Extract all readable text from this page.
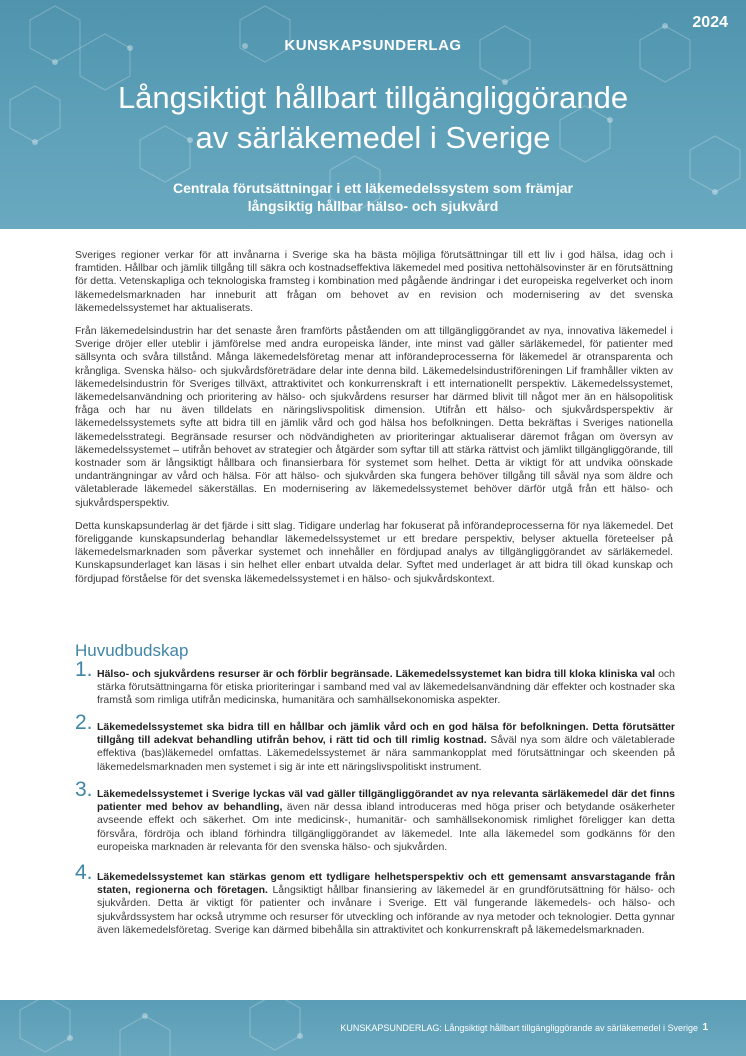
2024
KUNSKAPSUNDERLAG
Långsiktigt hållbart tillgängliggörande
av särläkemedel i Sverige
Centrala förutsättningar i ett läkemedelssystem som främjar
långsiktig hållbar hälso- och sjukvård

Sveriges regioner verkar för att invånarna i Sverige ska ha bästa möjliga förutsättningar till ett liv i god hälsa, idag och i framtiden. Hållbar och jämlik tillgång till säkra och kostnadseffektiva läkemedel med positiva nettohälsovinster är en förutsättning för detta. Vetenskapliga och teknologiska framsteg i kombination med pågående ändringar i det europeiska regelverket och inom läkemedelsmarknaden har inneburit att frågan om behovet av en revision och modernisering av det svenska läkemedelssystemet har aktualiserats.

Från läkemedelsindustrin har det senaste åren framförts påståenden om att tillgängliggörandet av nya, innovativa läkemedel i Sverige dröjer eller uteblir i jämförelse med andra europeiska länder, inte minst vad gäller särläkemedel, för patienter med sällsynta och svåra tillstånd. Många läkemedelsföretag menar att införandeprocesserna för läkemedel är otransparenta och krångliga. Svenska hälso- och sjukvårdsföreträdare delar inte denna bild. Läkemedelsindustriföreningen Lif framhåller vikten av läkemedelsindustrin för Sveriges tillväxt, attraktivitet och konkurrenskraft i ett internationellt perspektiv. Läkemedelssystemet, läkemedelsanvändning och prioritering av hälso- och sjukvårdens resurser har därmed blivit till något mer än en hälsopolitisk fråga och har nu även tilldelats en näringslivspolitisk dimension. Utifrån ett hälso- och sjukvårdsperspektiv är läkemedelssystemets syfte att bidra till en jämlik vård och god hälsa hos befolkningen. Detta bekräftas i Sveriges nationella läkemedelsstrategi. Begränsade resurser och nödvändigheten av prioriteringar aktualiserar däremot frågan om översyn av läkemedelssystemet – utifrån behovet av strategier och åtgärder som syftar till att stärka rättvist och jämlikt tillgängliggörande, till kostnader som är långsiktigt hållbara och finansierbara för systemet som helhet. Detta är viktigt för att undvika oönskade undanträngningar av vård och hälsa. För att hälso- och sjukvården ska fungera behöver tillgång till såväl nya som äldre och väletablerade läkemedel säkerställas. En modernisering av läkemedelssystemet behöver därför utgå från ett hälso- och sjukvårdsperspektiv.

Detta kunskapsunderlag är det fjärde i sitt slag. Tidigare underlag har fokuserat på införandeprocesserna för nya läkemedel. Det föreliggande kunskapsunderlag behandlar läkemedelssystemet ur ett bredare perspektiv, belyser aktuella företeelser på läkemedelsmarknaden som påverkar systemet och innehåller en fördjupad analys av tillgängliggörandet av särläkemedel. Kunskapsunderlaget kan läsas i sin helhet eller enbart utvalda delar. Syftet med underlaget är att bidra till ökad kunskap och fördjupad förståelse för det svenska läkemedelssystemet i en hälso- och sjukvårdskontext.

Huvudbudskap
1. Hälso- och sjukvårdens resurser är och förblir begränsade. Läkemedelssystemet kan bidra till kloka kliniska val och stärka förutsättningarna för etiska prioriteringar i samband med val av läkemedelsanvändning där effekter och kostnader ska framstå som rimliga utifrån medicinska, humanitära och samhällsekonomiska aspekter.
2. Läkemedelssystemet ska bidra till en hållbar och jämlik vård och en god hälsa för befolkningen. Detta förutsätter tillgång till adekvat behandling utifrån behov, i rätt tid och till rimlig kostnad. Såväl nya som äldre och väletablerade effektiva (bas)läkemedel omfattas. Läkemedelssystemet är nära sammankopplat med förutsättningar och skeenden på läkemedelsmarknaden men systemet i sig är inte ett näringslivspolitiskt instrument.
3. Läkemedelssystemet i Sverige lyckas väl vad gäller tillgängliggörandet av nya relevanta särläkemedel där det finns patienter med behov av behandling, även när dessa ibland introduceras med höga priser och betydande osäkerheter avseende effekt och säkerhet. Om inte medicinsk-, humanitär- och samhällsekonomisk rimlighet föreligger kan detta försvåra, fördröja och ibland förhindra tillgängliggörandet av läkemedel. Inte alla läkemedel som godkänns för den europeiska marknaden är relevanta för den svenska hälso- och sjukvården.
4. Läkemedelssystemet kan stärkas genom ett tydligare helhetsperspektiv och ett gemensamt ansvarstagande från staten, regionerna och företagen. Långsiktigt hållbar finansiering av läkemedel är en grundförutsättning för hälso- och sjukvården. Detta är viktigt för patienter och invånare i Sverige. Ett väl fungerande läkemedels- och hälso- och sjukvårdssystem har också utrymme och resurser för utveckling och införande av nya metoder och teknologier. Detta gynnar även läkemedelsföretag. Sverige kan därmed bibehålla sin attraktivitet och konkurrenskraft på läkemedelsmarknaden.
KUNSKAPSUNDERLAG: Långsiktigt hållbart tillgängliggörande av särläkemedel i Sverige 1
